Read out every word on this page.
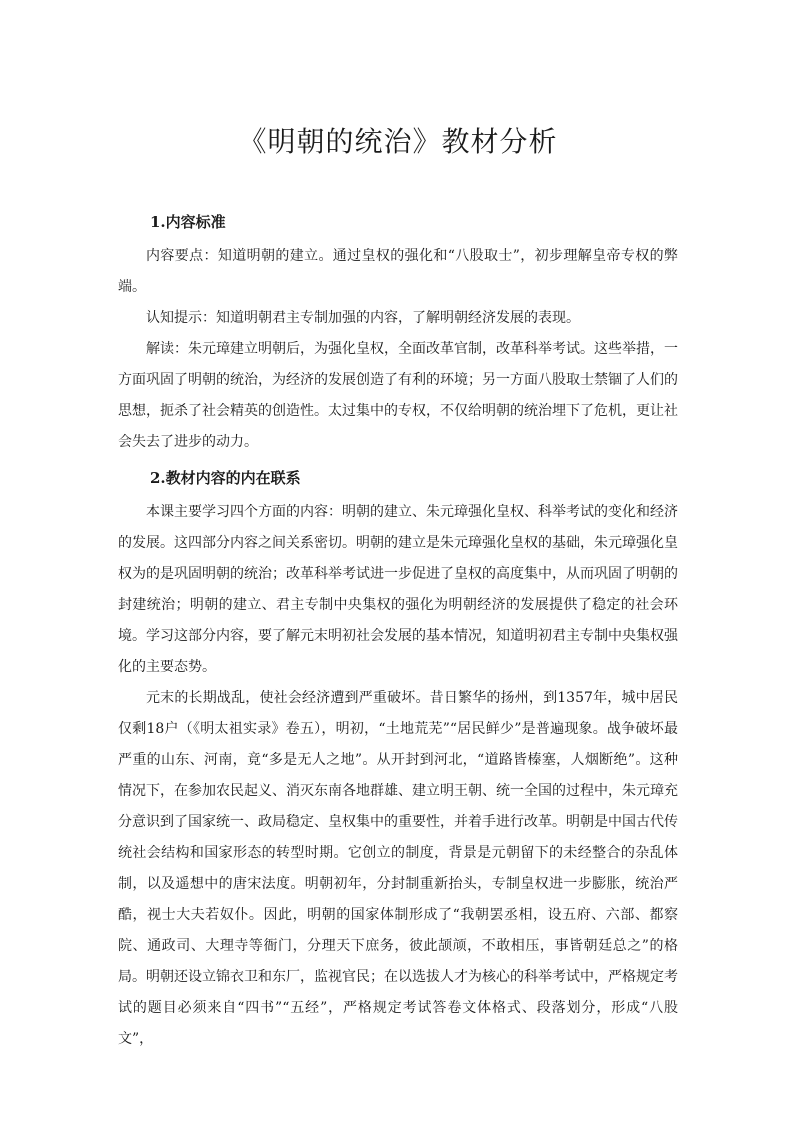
《明朝的统治》教材分析

1.内容标准

内容要点：知道明朝的建立。通过皇权的强化和“八股取士”，初步理解皇帝专权的弊端。

认知提示：知道明朝君主专制加强的内容，了解明朝经济发展的表现。

解读：朱元璋建立明朝后，为强化皇权，全面改革官制，改革科举考试。这些举措，一方面巩固了明朝的统治，为经济的发展创造了有利的环境；另一方面八股取士禁锢了人们的思想，扼杀了社会精英的创造性。太过集中的专权，不仅给明朝的统治埋下了危机，更让社会失去了进步的动力。

2.教材内容的内在联系

本课主要学习四个方面的内容：明朝的建立、朱元璋强化皇权、科举考试的变化和经济的发展。这四部分内容之间关系密切。明朝的建立是朱元璋强化皇权的基础，朱元璋强化皇权为的是巩固明朝的统治；改革科举考试进一步促进了皇权的高度集中，从而巩固了明朝的封建统治；明朝的建立、君主专制中央集权的强化为明朝经济的发展提供了稳定的社会环境。学习这部分内容，要了解元末明初社会发展的基本情况，知道明初君主专制中央集权强化的主要态势。

元末的长期战乱，使社会经济遭到严重破坏。昔日繁华的扬州，到1357年，城中居民仅剩18户（《明太祖实录》卷五），明初，“土地荒芜”“居民鲜少”是普遍现象。战争破坏最严重的山东、河南，竟“多是无人之地”。从开封到河北，“道路皆榛塞，人烟断绝”。这种情况下，在参加农民起义、消灭东南各地群雄、建立明王朝、统一全国的过程中，朱元璋充分意识到了国家统一、政局稳定、皇权集中的重要性，并着手进行改革。明朝是中国古代传统社会结构和国家形态的转型时期。它创立的制度，背景是元朝留下的未经整合的杂乱体制，以及遥想中的唐宋法度。明朝初年，分封制重新抬头，专制皇权进一步膨胀，统治严酷，视士大夫若奴仆。因此，明朝的国家体制形成了“我朝罢丞相，设五府、六部、都察院、通政司、大理寺等衙门，分理天下庶务，彼此颉颃，不敢相压，事皆朝廷总之”的格局。明朝还设立锦衣卫和东厂，监视官民；在以选拔人才为核心的科举考试中，严格规定考试的题目必须来自“四书”“五经”，严格规定考试答卷文体格式、段落划分，形成“八股文”，
